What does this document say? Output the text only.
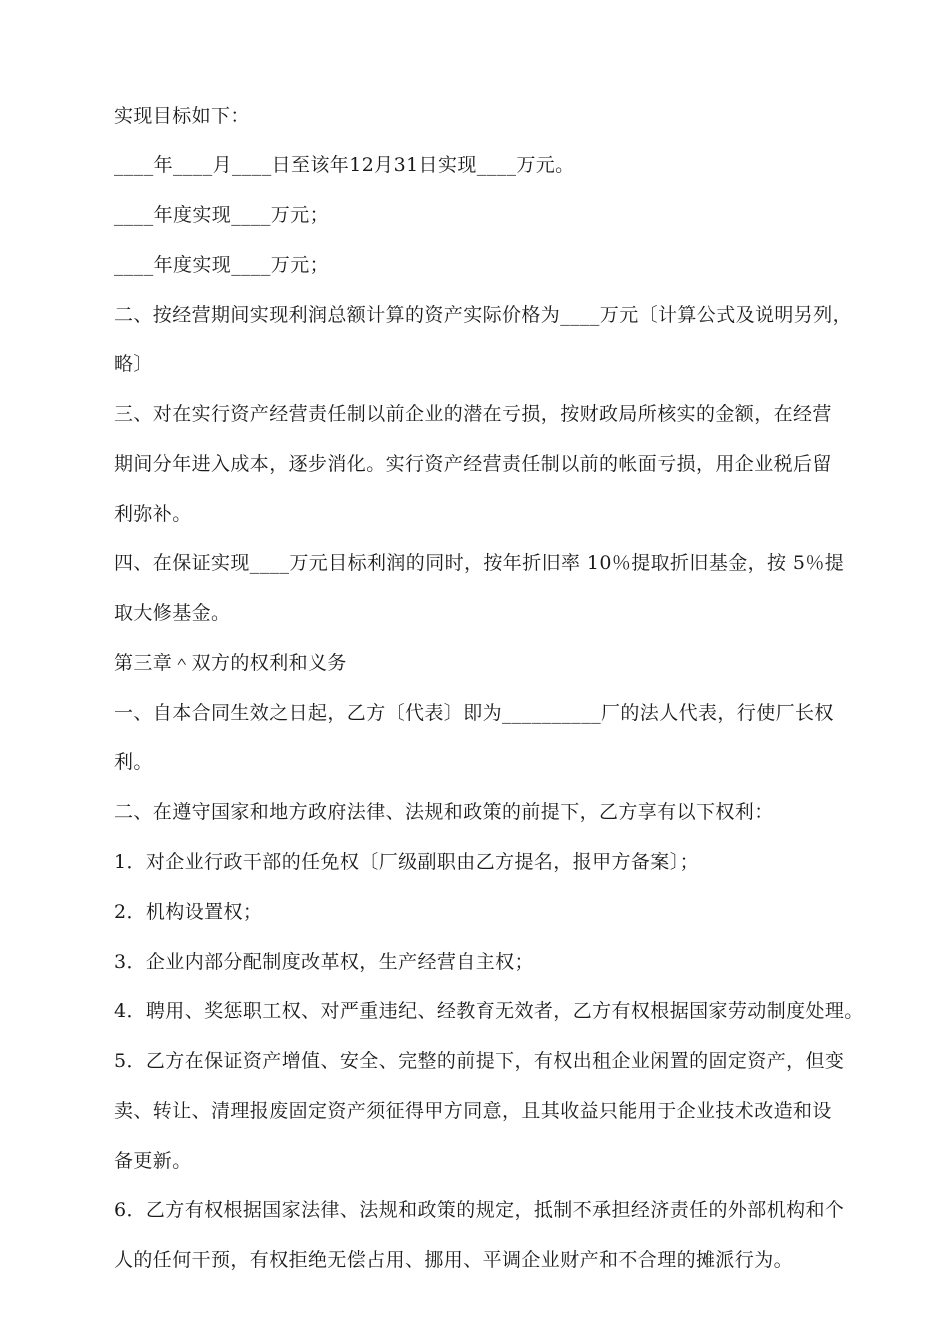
实现目标如下：

____年____月____日至该年12月31日实现____万元。

____年度实现____万元；

____年度实现____万元；

二、按经营期间实现利润总额计算的资产实际价格为____万元〔计算公式及说明另列，

略〕

三、对在实行资产经营责任制以前企业的潜在亏损，按财政局所核实的金额，在经营

期间分年进入成本，逐步消化。实行资产经营责任制以前的帐面亏损，用企业税后留

利弥补。

四、在保证实现____万元目标利润的同时，按年折旧率 10％提取折旧基金，按 5％提

取大修基金。

第三章＾双方的权利和义务

一、自本合同生效之日起，乙方〔代表〕即为__________厂的法人代表，行使厂长权

利。

二、在遵守国家和地方政府法律、法规和政策的前提下，乙方享有以下权利：

1．对企业行政干部的任免权〔厂级副职由乙方提名，报甲方备案〕；

2．机构设置权；

3．企业内部分配制度改革权，生产经营自主权；

4．聘用、奖惩职工权、对严重违纪、经教育无效者，乙方有权根据国家劳动制度处理。

5．乙方在保证资产增值、安全、完整的前提下，有权出租企业闲置的固定资产，但变

卖、转让、清理报废固定资产须征得甲方同意，且其收益只能用于企业技术改造和设

备更新。

6．乙方有权根据国家法律、法规和政策的规定，抵制不承担经济责任的外部机构和个

人的任何干预，有权拒绝无偿占用、挪用、平调企业财产和不合理的摊派行为。
